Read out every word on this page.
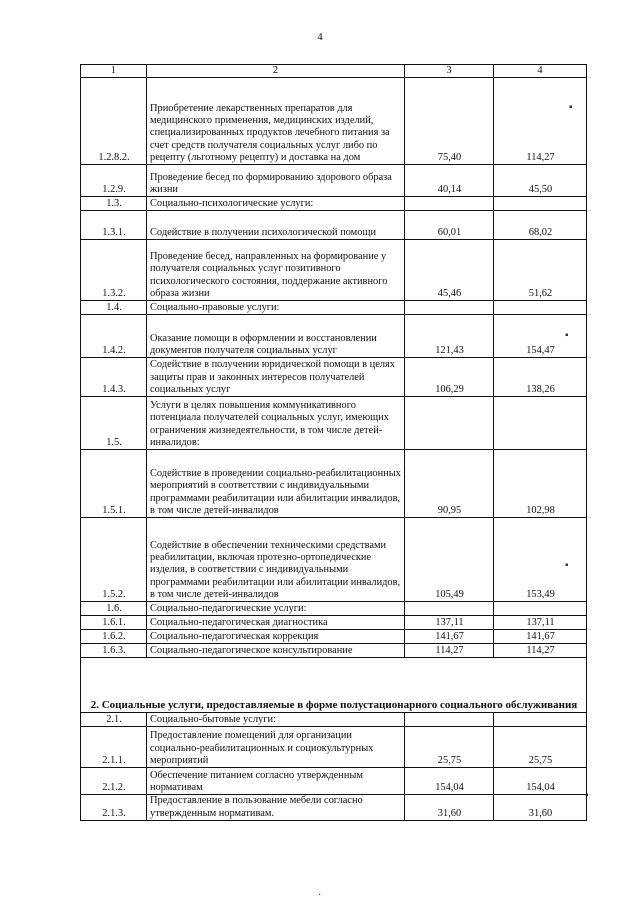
4
1	2	3	4
1.2.8.2.	Приобретение лекарственных препаратов для медицинского применения, медицинских изделий, специализированных продуктов лечебного питания за счет средств получателя социальных услуг либо по рецепту (льготному рецепту) и доставка на дом	75,40	114,27
1.2.9.	Проведение бесед по формированию здорового образа жизни	40,14	45,50
1.3.	Социально-психологические услуги:		
1.3.1.	Содействие в получении психологической помощи	60,01	68,02
1.3.2.	Проведение бесед, направленных на формирование у получателя социальных услуг позитивного психологического состояния, поддержание активного образа жизни	45,46	51,62
1.4.	Социально-правовые услуги:		
1.4.2.	Оказание помощи в оформлении и восстановлении документов получателя социальных услуг	121,43	154,47
1.4.3.	Содействие в получении юридической помощи в целях защиты прав и законных интересов получателей социальных услуг	106,29	138,26
1.5.	Услуги в целях повышения коммуникативного потенциала получателей социальных услуг, имеющих ограничения жизнедеятельности, в том числе детей-инвалидов:		
1.5.1.	Содействие в проведении социально-реабилитационных мероприятий в соответствии с индивидуальными программами реабилитации или абилитации инвалидов, в том числе детей-инвалидов	90,95	102,98
1.5.2.	Содействие в обеспечении техническими средствами реабилитации, включая протезно-ортопедические изделия, в соответствии с индивидуальными программами реабилитации или абилитации инвалидов, в том числе детей-инвалидов	105,49	153,49
1.6.	Социально-педагогические услуги:		
1.6.1.	Социально-педагогическая диагностика	137,11	137,11
1.6.2.	Социально-педагогическая коррекция	141,67	141,67
1.6.3.	Социально-педагогическое консультирование	114,27	114,27
2. Социальные услуги, предоставляемые в форме полустационарного социального обслуживания			
2.1.	Социально-бытовые услуги:		
2.1.1.	Предоставление помещений для организации социально-реабилитационных и социокультурных мероприятий	25,75	25,75
2.1.2.	Обеспечение питанием согласно утвержденным нормативам	154,04	154,04
2.1.3.	Предоставление в пользование мебели согласно утвержденным нормативам.	31,60	31,60
▪
▪
▪
▪
·
